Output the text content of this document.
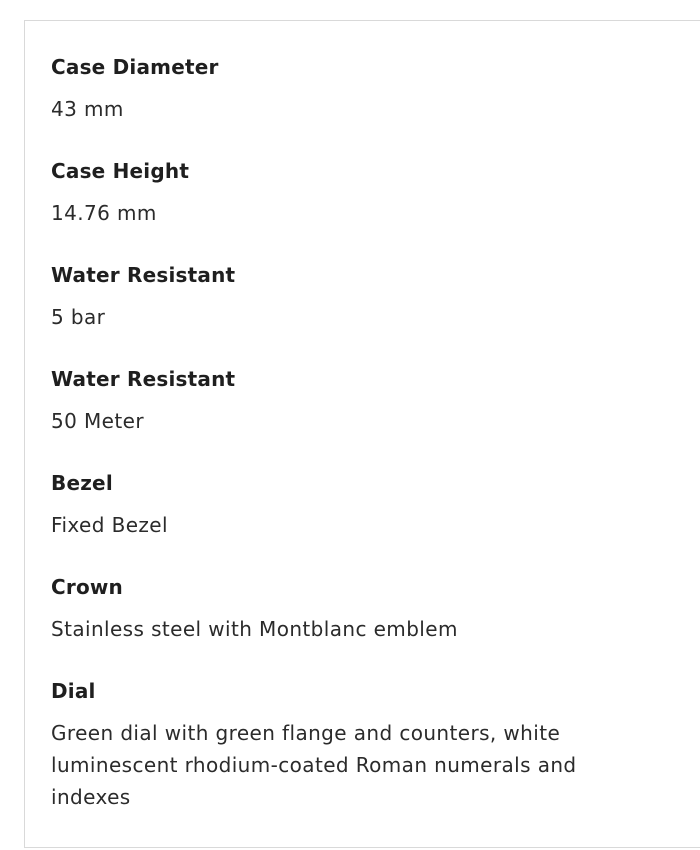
Case Diameter
43 mm
Case Height
14.76 mm
Water Resistant
5 bar
Water Resistant
50 Meter
Bezel
Fixed Bezel
Crown
Stainless steel with Montblanc emblem
Dial
Green dial with green flange and counters, white luminescent rhodium-coated Roman numerals and indexes
